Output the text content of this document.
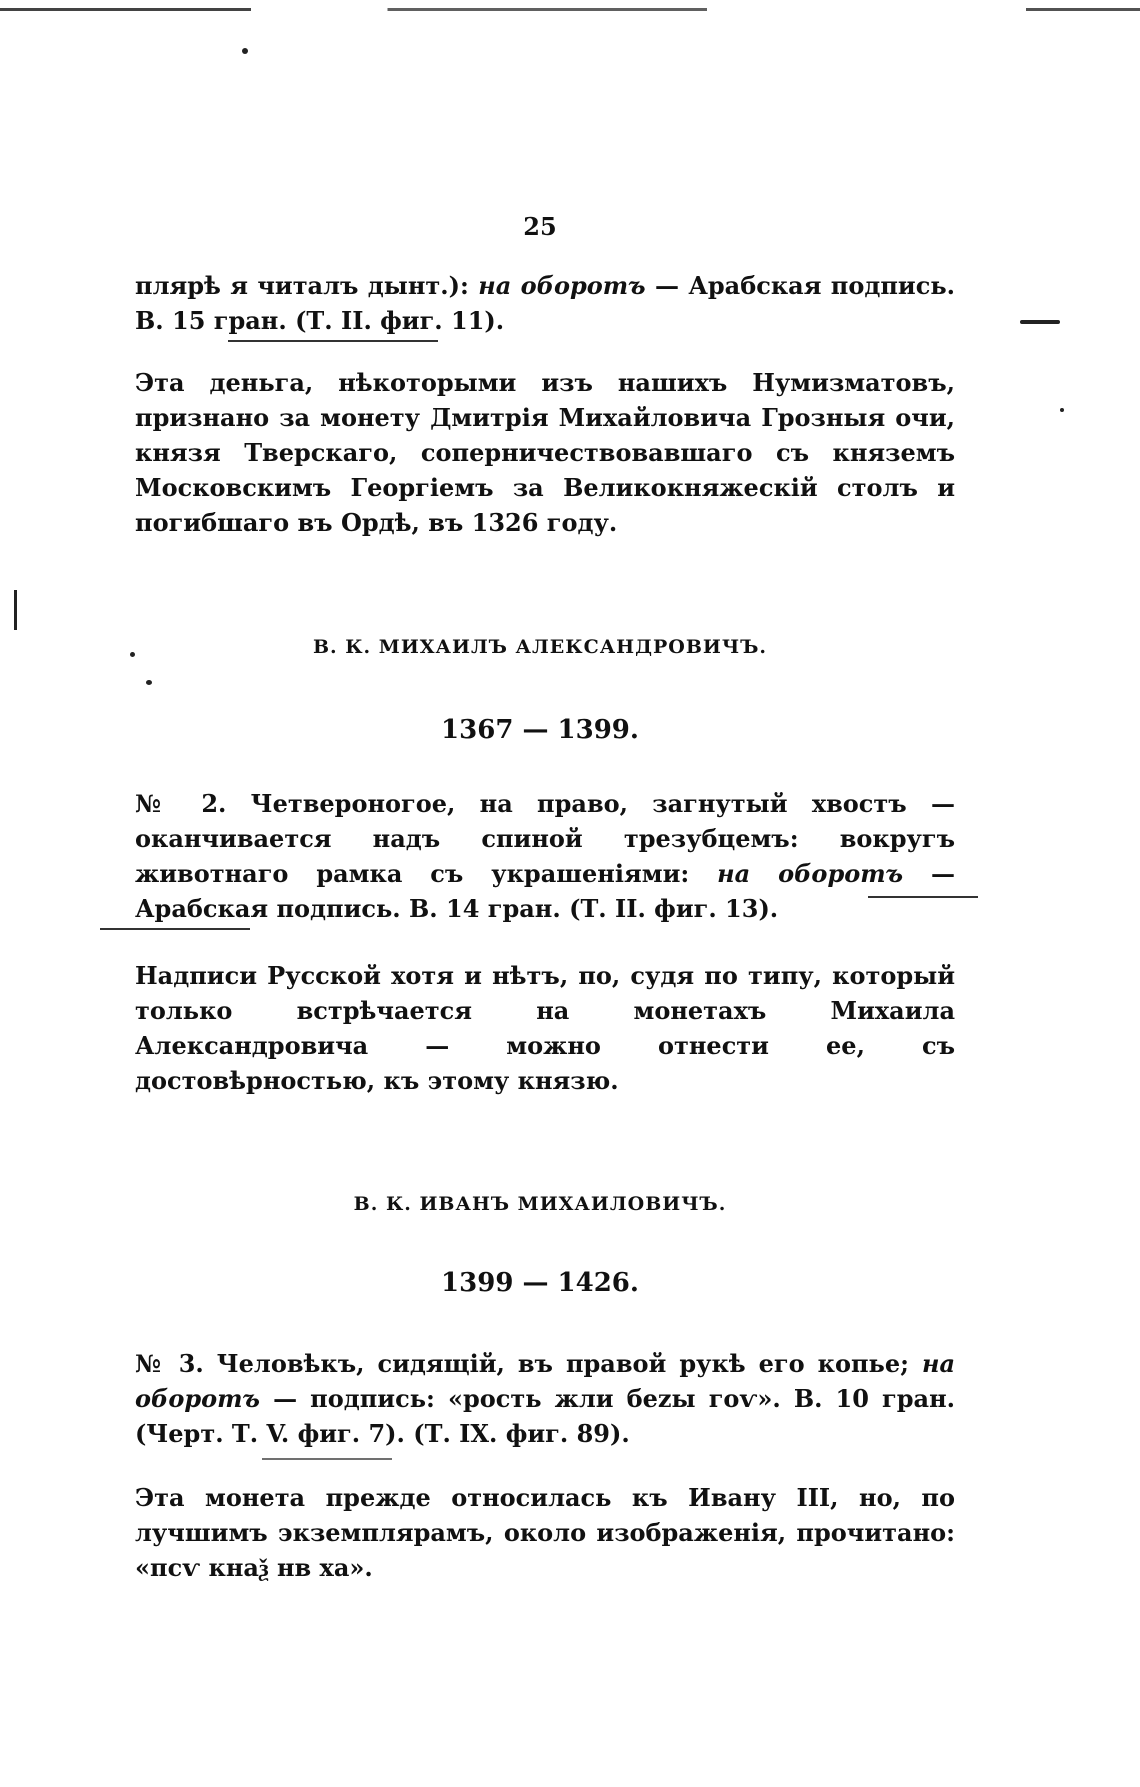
25
плярѣ я читалъ дынт.): на оборотъ — Арабская подпись. В. 15 гран. (Т. II. фиг. 11).
Эта деньга, нѣкоторыми изъ нашихъ Нумизматовъ, признано за монету Дмитрія Михайловича Грозныя очи, князя Тверскаго, соперничествовавшаго съ княземъ Московскимъ Георгіемъ за Великокняжескій столъ и погибшаго въ Ордѣ, въ 1326 году.
В. К. МИХАИЛЪ АЛЕКСАНДРОВИЧЪ.
1367 — 1399.
№ 2. Четвероногое, на право, загнутый хвостъ — оканчивается надъ спиной трезубцемъ: вокругъ животнаго рамка съ украшеніями: на оборотъ — Арабская подпись. В. 14 гран. (Т. II. фиг. 13).
Надписи Русской хотя и нѣтъ, по, судя по типу, который только встрѣчается на монетахъ Михаила Александровича — можно отнести ее, съ достовѣрностью, къ этому князю.
В. К. ИВАНЪ МИХАИЛОВИЧЪ.
1399 — 1426.
№ 3. Человѣкъ, сидящій, въ правой рукѣ его копье; на оборотъ — подпись: «рость жли беzы гоѵ». В. 10 гран. (Черт. Т. V. фиг. 7). (Т. IX. фиг. 89).
Эта монета прежде относилась къ Ивану III, но, по лучшимъ экземплярамъ, около изображенія, прочитано: «псѵ кнаѯ нв ха».
